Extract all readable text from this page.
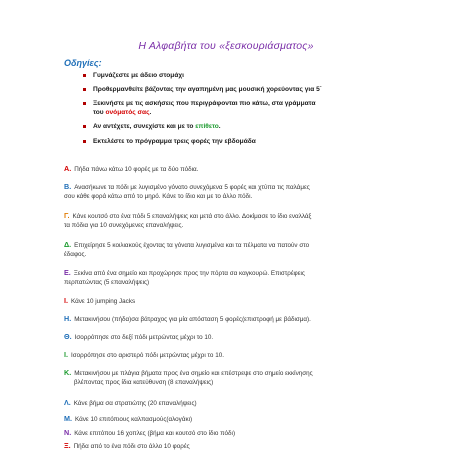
Η Αλφαβήτα του «ξεσκουριάσματος»
Οδηγίες:
Γυμνάζεστε με άδειο στομάχι
Προθερμανθείτε βάζοντας την αγαπημένη μας μουσική χορεύοντας για 5΄
Ξεκινήστε με τις ασκήσεις που περιγράφονται πιο κάτω, στα γράμματα
του ονόματός σας.
Αν αντέχετε, συνεχίστε και με το επίθετο.
Εκτελέστε το πρόγραμμα τρεις φορές την εβδομάδα
Α. Πήδα πάνω κάτω 10 φορές με τα δύο πόδια.
Β. Ανασήκωνε τα πόδι με λυγισμένο γόνατο συνεχόμενα 5 φορές και χτύπα τις παλάμες
σου κάθε φορά κάτω από το μηρό. Κάνε το ίδιο και με το άλλο πόδι.
Γ. Κάνε κουτσό στο ένα πόδι 5 επαναλήψεις και μετά στο άλλο. Δοκίμασε το ίδιο εναλλάξ
τα πόδια για 10 συνεχόμενες επαναλήψεις.
Δ. Επιχείρησε 5 κοιλιακούς έχοντας τα γόνατα λυγισμένα και τα πέλματα να πατούν στο
έδαφος.
Ε. Ξεκίνα από ένα σημείο και προχώρησε προς την πόρτα σα καγκουρώ. Επιστρέφεις
περπατώντας (5 επαναλήψεις)
Ι. Κάνε 10 jumping Jacks
Η. Μετακινήσου (πήδα)σα βάτραχος για μία απόσταση 5 φορές(επιστροφή με βάδισμα).
Θ. Ισορρόπησε στο δεξί πόδι μετρώντας μέχρι το 10.
Ι. Ισορρόπησε στο αριστερό πόδι μετρώντας μέχρι το 10.
Κ. Μετακινήσου με πλάγια βήματα προς ένα σημείο και επέστρεψε στο σημείο εκκίνησης
βλέποντας προς ίδια κατεύθυνση (8 επαναλήψεις)
Λ. Κάνε βήμα σα στρατιώτης (20 επαναλήψεις)
Μ. Κάνε 10 επιτόπιους καλπασμούς(αλογάκι)
Ν. Κάνε επιτόπου 16 χοπλες (βήμα και κουτσό στο ίδιο πόδι)
Ξ. Πήδα από το ένα πόδι στο άλλο 10 φορές
